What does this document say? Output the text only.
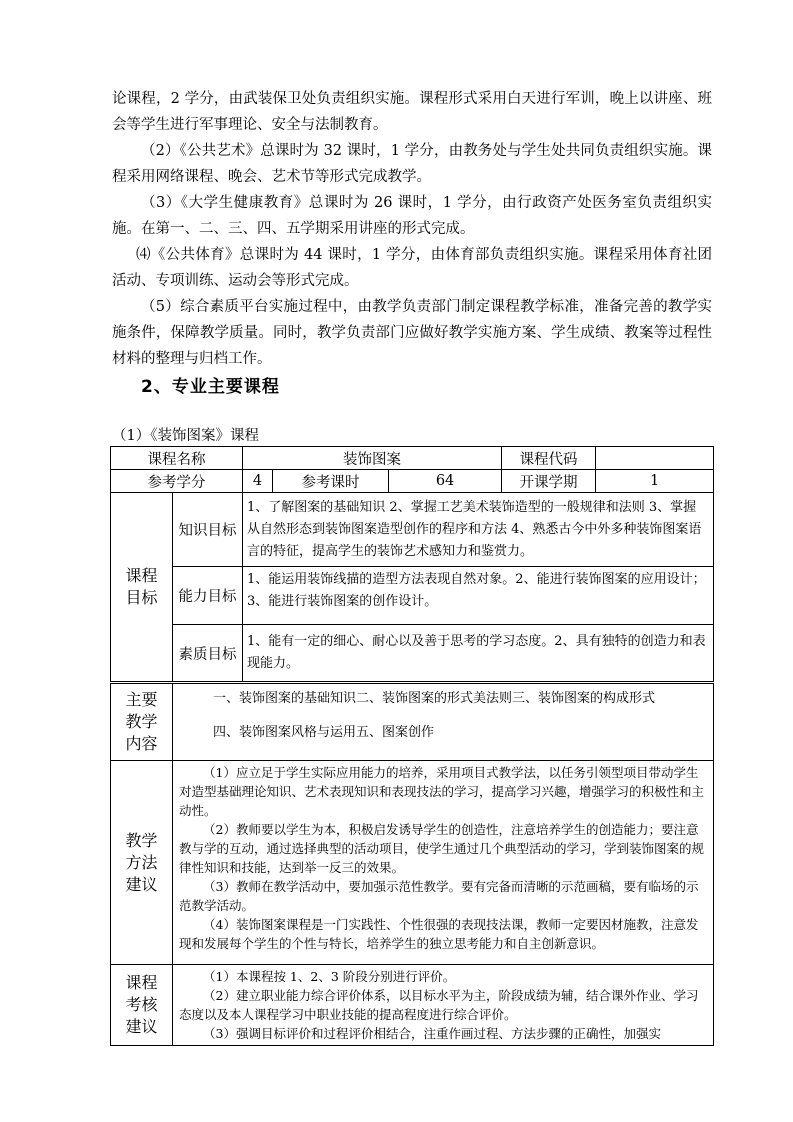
论课程，2 学分，由武装保卫处负责组织实施。课程形式采用白天进行军训，晚上以讲座、班会等学生进行军事理论、安全与法制教育。
（2）《公共艺术》总课时为 32 课时，1 学分，由教务处与学生处共同负责组织实施。课程采用网络课程、晚会、艺术节等形式完成教学。
（3）《大学生健康教育》总课时为 26 课时，1 学分，由行政资产处医务室负责组织实施。在第一、二、三、四、五学期采用讲座的形式完成。
⑷《公共体育》总课时为 44 课时，1 学分，由体育部负责组织实施。课程采用体育社团活动、专项训练、运动会等形式完成。
（5）综合素质平台实施过程中，由教学负责部门制定课程教学标准，准备完善的教学实施条件，保障教学质量。同时，教学负责部门应做好教学实施方案、学生成绩、教案等过程性材料的整理与归档工作。
2、专业主要课程
（1）《装饰图案》课程
课程名称		装饰图案			课程代码	
参考学分		4	参考课时	64	开课学期	1
课程目标	知识目标	1、了解图案的基础知识 2、掌握工艺美术装饰造型的一般规律和法则 3、掌握从自然形态到装饰图案造型创作的程序和方法 4、熟悉古今中外多种装饰图案语言的特征，提高学生的装饰艺术感知力和鉴赏力。				
	能力目标	1、能运用装饰线描的造型方法表现自然对象。2、能进行装饰图案的应用设计；3、能进行装饰图案的创作设计。				
	素质目标	1、能有一定的细心、耐心以及善于思考的学习态度。2、具有独特的创造力和表现能力。				
主要教学内容	一、装饰图案的基础知识二、装饰图案的形式美法则三、装饰图案的构成形式
四、装饰图案风格与运用五、图案创作					

教学方法建议	（1）应立足于学生实际应用能力的培养，采用项目式教学法，以任务引领型项目带动学生对造型基础理论知识、艺术表现知识和表现技法的学习，提高学习兴趣，增强学习的积极性和主动性。

（2）教师要以学生为本，积极启发诱导学生的创造性，注意培养学生的创造能力；要注意教与学的互动，通过选择典型的活动项目，使学生通过几个典型活动的学习，学到装饰图案的规律性知识和技能，达到举一反三的效果。

（3）教师在教学活动中，要加强示范性教学。要有完备而清晰的示范画稿，要有临场的示范教学活动。

（4）装饰图案课程是一门实践性、个性很强的表现技法课，教师一定要因材施教，注意发现和发展每个学生的个性与特长，培养学生的独立思考能力和自主创新意识。					

课程考核建议	（1）本课程按 1、2、3 阶段分别进行评价。

（2）建立职业能力综合评价体系，以目标水平为主，阶段成绩为辅，结合课外作业、学习态度以及本人课程学习中职业技能的提高程度进行综合评价。

（3）强调目标评价和过程评价相结合，注重作画过程、方法步骤的正确性，加强实					
